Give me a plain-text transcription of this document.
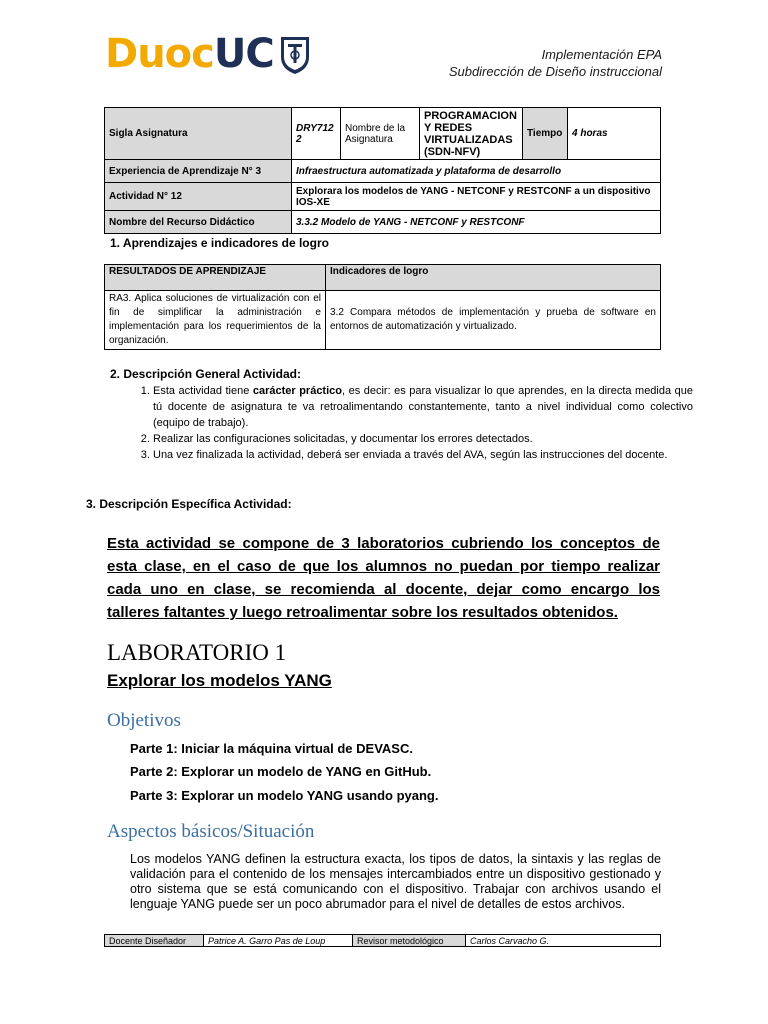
Duoc UC	Implementación EPA
Subdirección de Diseño instruccional
Sigla Asignatura	DRY712 2	Nombre de la Asignatura	PROGRAMACION Y REDES VIRTUALIZADAS (SDN-NFV)	Tiempo	4 horas
Experiencia de Aprendizaje N° 3	Infraestructura automatizada y plataforma de desarrollo				
Actividad N° 12	Explorara los modelos de YANG - NETCONF y RESTCONF a un dispositivo IOS-XE				
Nombre del Recurso Didáctico	3.3.2 Modelo de YANG - NETCONF y RESTCONF				
1. Aprendizajes e indicadores de logro
RESULTADOS DE APRENDIZAJE	Indicadores de logro
RA3. Aplica soluciones de virtualización con el fin de simplificar la administración e implementación para los requerimientos de la organización.	3.2 Compara métodos de implementación y prueba de software en entornos de automatización y virtualizado.
2. Descripción General Actividad:
1. Esta actividad tiene carácter práctico, es decir: es para visualizar lo que aprendes, en la directa medida que tú docente de asignatura te va retroalimentando constantemente, tanto a nivel individual como colectivo (equipo de trabajo).
2. Realizar las configuraciones solicitadas, y documentar los errores detectados.
3. Una vez finalizada la actividad, deberá ser enviada a través del AVA, según las instrucciones del docente.
3. Descripción Específica Actividad:
Esta actividad se compone de 3 laboratorios cubriendo los conceptos de esta clase, en el caso de que los alumnos no puedan por tiempo realizar cada uno en clase, se recomienda al docente, dejar como encargo los talleres faltantes y luego retroalimentar sobre los resultados obtenidos.
LABORATORIO 1
Explorar los modelos YANG
Objetivos
Parte 1: Iniciar la máquina virtual de DEVASC.
Parte 2: Explorar un modelo de YANG en GitHub.
Parte 3: Explorar un modelo YANG usando pyang.
Aspectos básicos/Situación
Los modelos YANG definen la estructura exacta, los tipos de datos, la sintaxis y las reglas de validación para el contenido de los mensajes intercambiados entre un dispositivo gestionado y otro sistema que se está comunicando con el dispositivo. Trabajar con archivos usando el lenguaje YANG puede ser un poco abrumador para el nivel de detalles de estos archivos.
Docente Diseñador	Patrice A. Garro Pas de Loup	Revisor metodológico	Carlos Carvacho G.
